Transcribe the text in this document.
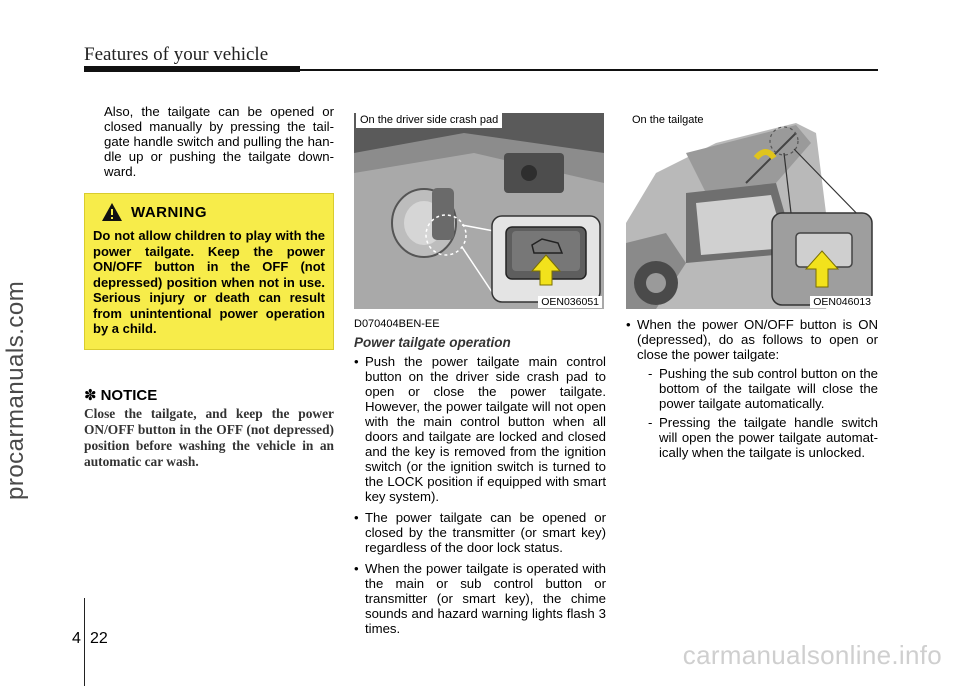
Features of your vehicle
procarmanuals.com

Also, the tailgate can be opened or closed manually by pressing the tail-gate handle switch and pulling the han-dle up or pushing the tailgate down-ward.

WARNING
Do not allow children to play with the power tailgate. Keep the power ON/OFF button in the OFF (not depressed) position when not in use. Serious injury or death can result from unintentional power operation by a child.
✽ NOTICE
Close the tailgate, and keep the power ON/OFF button in the OFF (not depressed) position before washing the vehicle in an automatic car wash.
On the driver side crash pad
OEN036051
D070404BEN-EE
Power tailgate operation
• Push the power tailgate main control button on the driver side crash pad to open or close the power tailgate. However, the power tailgate will not open with the main control button when all doors and tailgate are locked and closed and the key is removed from the ignition switch (or the ignition switch is turned to the LOCK position if equipped with smart key system).
• The power tailgate can be opened or closed by the transmitter (or smart key) regardless of the door lock status.
• When the power tailgate is operated with the main or sub control button or transmitter (or smart key), the chime sounds and hazard warning lights flash 3 times.
On the tailgate
OEN046013
• When the power ON/OFF button is ON (depressed), do as follows to open or close the power tailgate:
- Pushing the sub control button on the bottom of the tailgate will close the power tailgate automatically.
- Pressing the tailgate handle switch will open the power tailgate automat-ically when the tailgate is unlocked.
4 22
carmanualsonline.info
